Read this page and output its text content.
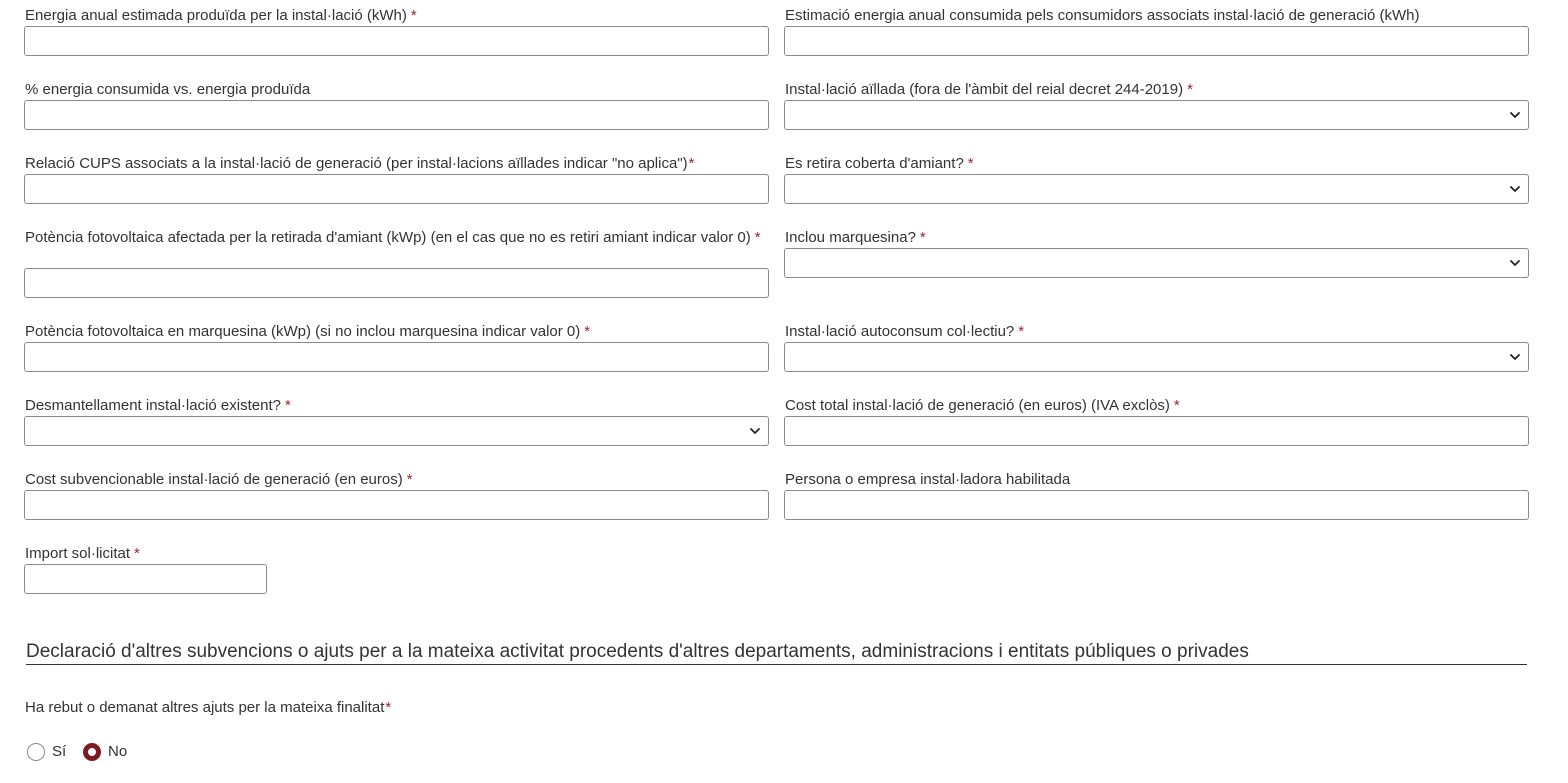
Energia anual estimada produïda per la instal·lació (kWh) *
% energia consumida vs. energia produïda
Relació CUPS associats a la instal·lació de generació (per instal·lacions aïllades indicar "no aplica")*
Potència fotovoltaica afectada per la retirada d'amiant (kWp) (en el cas que no es retiri amiant indicar valor 0) *
Potència fotovoltaica en marquesina (kWp) (si no inclou marquesina indicar valor 0) *
Desmantellament instal·lació existent? *
Cost subvencionable instal·lació de generació (en euros) *
Import sol·licitat *
Estimació energia anual consumida pels consumidors associats instal·lació de generació (kWh)
Instal·lació aïllada (fora de l'àmbit del reial decret 244-2019) *
Es retira coberta d'amiant? *
Inclou marquesina? *
Instal·lació autoconsum col·lectiu? *
Cost total instal·lació de generació (en euros) (IVA exclòs) *
Persona o empresa instal·ladora habilitada
Declaració d'altres subvencions o ajuts per a la mateixa activitat procedents d'altres departaments, administracions i entitats públiques o privades
Ha rebut o demanat altres ajuts per la mateixa finalitat*
Sí	No
